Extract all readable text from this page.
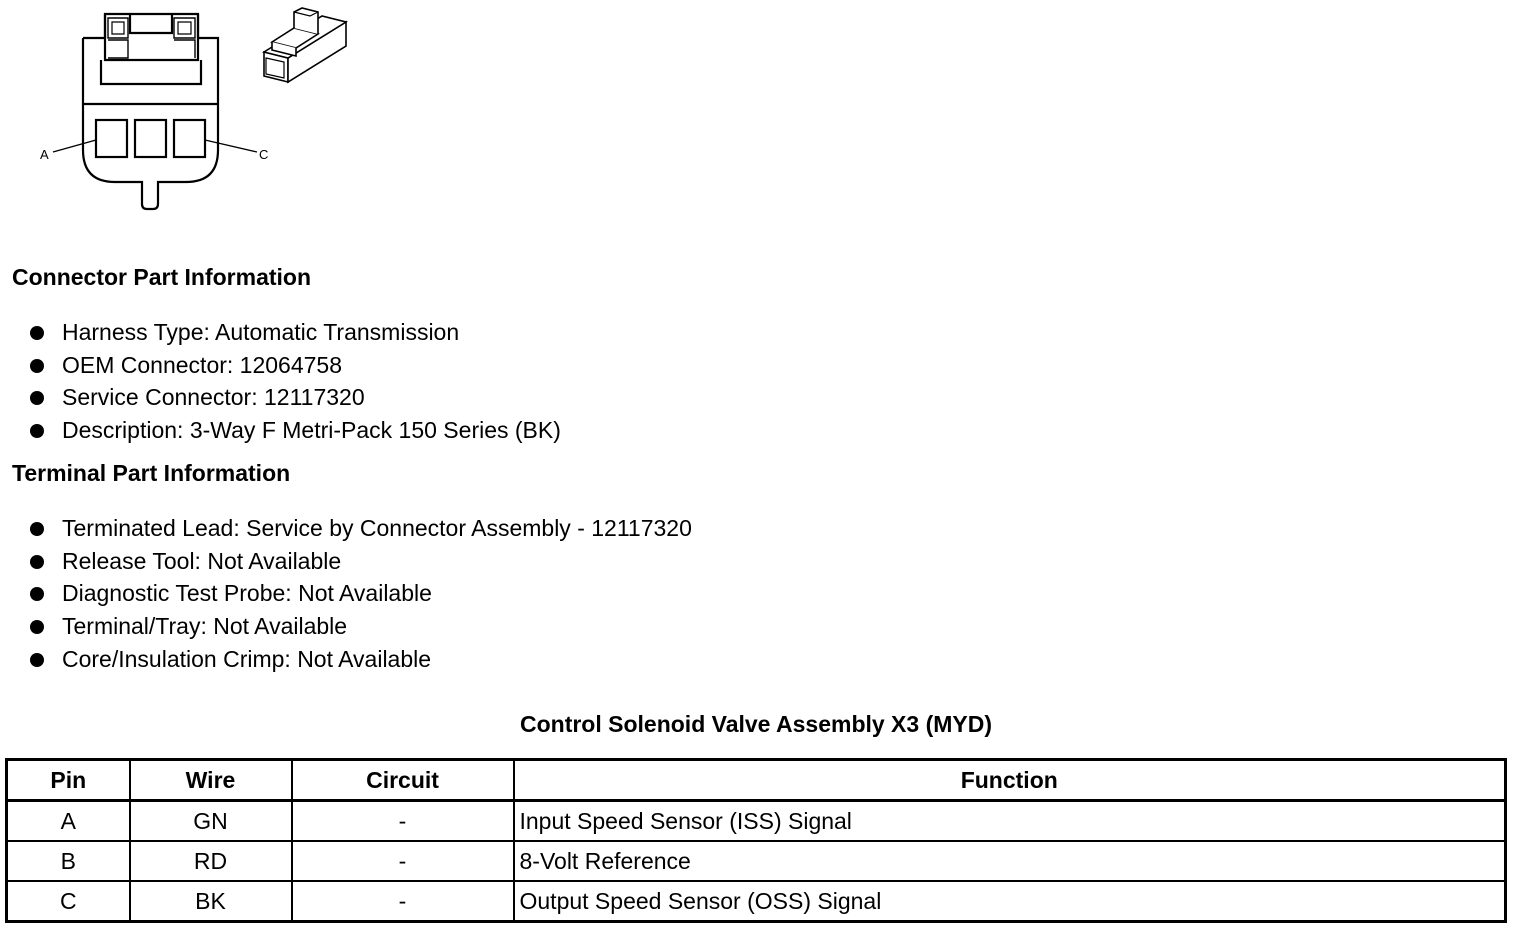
A	C
Connector Part Information
Harness Type: Automatic Transmission
OEM Connector: 12064758
Service Connector: 12117320
Description: 3-Way F Metri-Pack 150 Series (BK)
Terminal Part Information
Terminated Lead: Service by Connector Assembly - 12117320
Release Tool: Not Available
Diagnostic Test Probe: Not Available
Terminal/Tray: Not Available
Core/Insulation Crimp: Not Available
Control Solenoid Valve Assembly X3 (MYD)
Pin	Wire	Circuit	Function
A	GN	-	Input Speed Sensor (ISS) Signal
B	RD	-	8-Volt Reference
C	BK	-	Output Speed Sensor (OSS) Signal
